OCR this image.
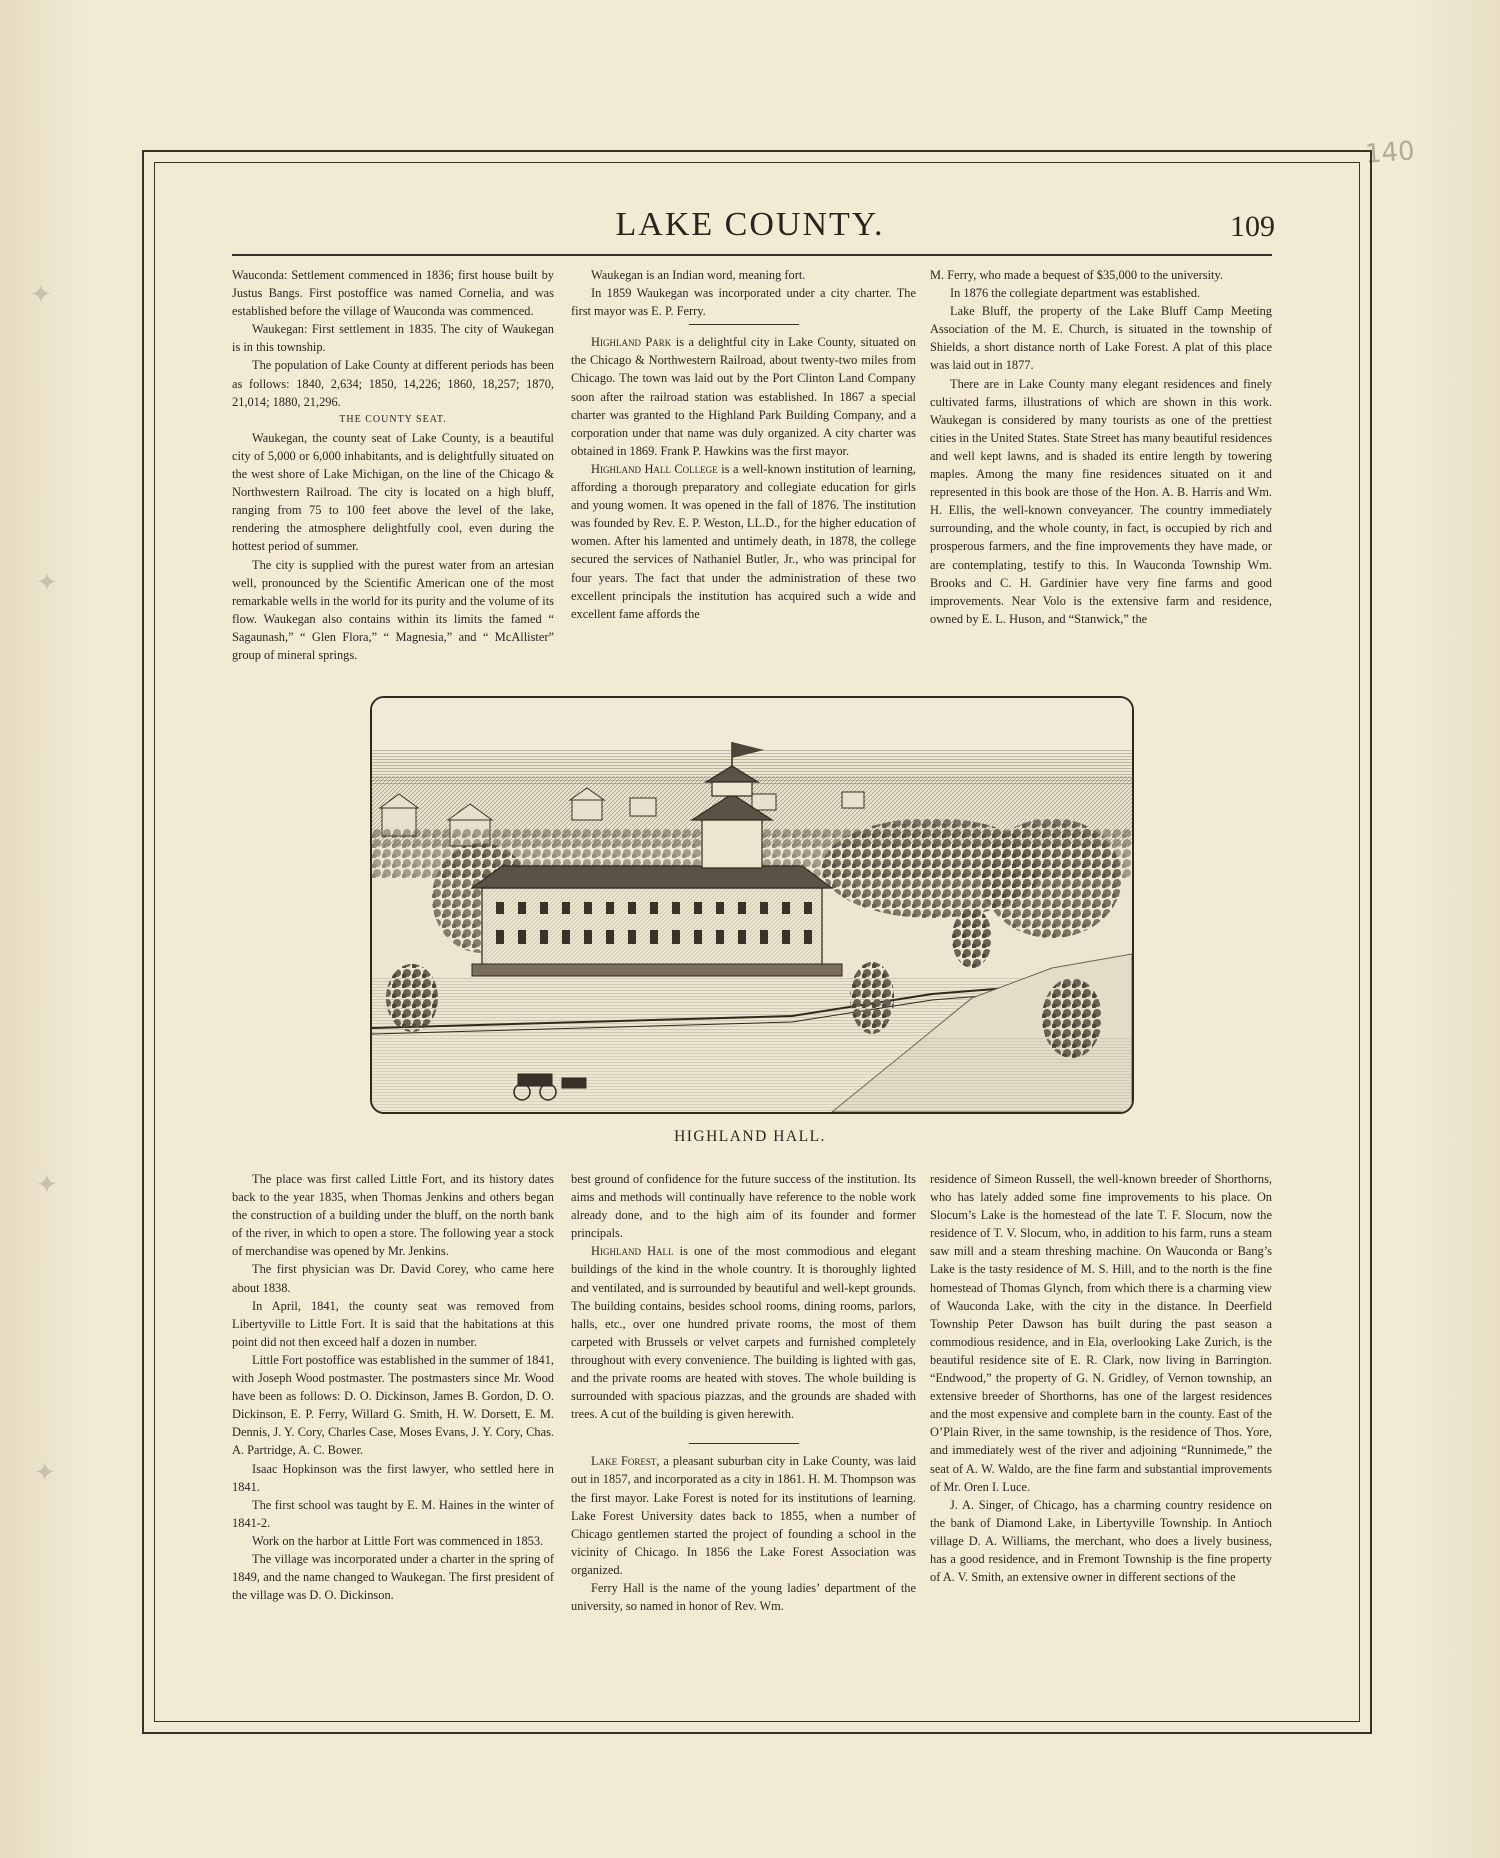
140
✦
✦
✦
✦
LAKE COUNTY.	109

Wauconda: Settlement commenced in 1836; first house built by Justus Bangs. First postoffice was named Cornelia, and was established before the village of Wauconda was commenced.

Waukegan: First settlement in 1835. The city of Waukegan is in this township.

The population of Lake County at different periods has been as follows: 1840, 2,634; 1850, 14,226; 1860, 18,257; 1870, 21,014; 1880, 21,296.

THE COUNTY SEAT.

Waukegan, the county seat of Lake County, is a beautiful city of 5,000 or 6,000 inhabitants, and is delightfully situated on the west shore of Lake Michigan, on the line of the Chicago & Northwestern Railroad. The city is located on a high bluff, ranging from 75 to 100 feet above the level of the lake, rendering the atmosphere delightfully cool, even during the hottest period of summer.

The city is supplied with the purest water from an artesian well, pronounced by the Scientific American one of the most remarkable wells in the world for its purity and the volume of its flow. Waukegan also contains within its limits the famed “ Sagaunash,” “ Glen Flora,” “ Magnesia,” and “ McAllister” group of mineral springs.

Waukegan is an Indian word, meaning fort.

In 1859 Waukegan was incorporated under a city charter. The first mayor was E. P. Ferry.

Highland Park is a delightful city in Lake County, situated on the Chicago & Northwestern Railroad, about twenty-two miles from Chicago. The town was laid out by the Port Clinton Land Company soon after the railroad station was established. In 1867 a special charter was granted to the Highland Park Building Company, and a corporation under that name was duly organized. A city charter was obtained in 1869. Frank P. Hawkins was the first mayor.

Highland Hall College is a well-known institution of learning, affording a thorough preparatory and collegiate education for girls and young women. It was opened in the fall of 1876. The institution was founded by Rev. E. P. Weston, LL.D., for the higher education of women. After his lamented and untimely death, in 1878, the college secured the services of Nathaniel Butler, Jr., who was principal for four years. The fact that under the administration of these two excellent principals the institution has acquired such a wide and excellent fame affords the

M. Ferry, who made a bequest of $35,000 to the university.

In 1876 the collegiate department was established.

Lake Bluff, the property of the Lake Bluff Camp Meeting Association of the M. E. Church, is situated in the township of Shields, a short distance north of Lake Forest. A plat of this place was laid out in 1877.

There are in Lake County many elegant residences and finely cultivated farms, illustrations of which are shown in this work. Waukegan is considered by many tourists as one of the prettiest cities in the United States. State Street has many beautiful residences and well kept lawns, and is shaded its entire length by towering maples. Among the many fine residences situated on it and represented in this book are those of the Hon. A. B. Harris and Wm. H. Ellis, the well-known conveyancer. The country immediately surrounding, and the whole county, in fact, is occupied by rich and prosperous farmers, and the fine improvements they have made, or are contemplating, testify to this. In Wauconda Township Wm. Brooks and C. H. Gardinier have very fine farms and good improvements. Near Volo is the extensive farm and residence, owned by E. L. Huson, and “Stanwick,” the

HIGHLAND HALL.

The place was first called Little Fort, and its history dates back to the year 1835, when Thomas Jenkins and others began the construction of a building under the bluff, on the north bank of the river, in which to open a store. The following year a stock of merchandise was opened by Mr. Jenkins.

The first physician was Dr. David Corey, who came here about 1838.

In April, 1841, the county seat was removed from Libertyville to Little Fort. It is said that the habitations at this point did not then exceed half a dozen in number.

Little Fort postoffice was established in the summer of 1841, with Joseph Wood postmaster. The postmasters since Mr. Wood have been as follows: D. O. Dickinson, James B. Gordon, D. O. Dickinson, E. P. Ferry, Willard G. Smith, H. W. Dorsett, E. M. Dennis, J. Y. Cory, Charles Case, Moses Evans, J. Y. Cory, Chas. A. Partridge, A. C. Bower.

Isaac Hopkinson was the first lawyer, who settled here in 1841.

The first school was taught by E. M. Haines in the winter of 1841-2.

Work on the harbor at Little Fort was commenced in 1853.

The village was incorporated under a charter in the spring of 1849, and the name changed to Waukegan. The first president of the village was D. O. Dickinson.

best ground of confidence for the future success of the institution. Its aims and methods will continually have reference to the noble work already done, and to the high aim of its founder and former principals.

Highland Hall is one of the most commodious and elegant buildings of the kind in the whole country. It is thoroughly lighted and ventilated, and is surrounded by beautiful and well-kept grounds. The building contains, besides school rooms, dining rooms, parlors, halls, etc., over one hundred private rooms, the most of them carpeted with Brussels or velvet carpets and furnished completely throughout with every convenience. The building is lighted with gas, and the private rooms are heated with stoves. The whole building is surrounded with spacious piazzas, and the grounds are shaded with trees. A cut of the building is given herewith.

Lake Forest, a pleasant suburban city in Lake County, was laid out in 1857, and incorporated as a city in 1861. H. M. Thompson was the first mayor. Lake Forest is noted for its institutions of learning. Lake Forest University dates back to 1855, when a number of Chicago gentlemen started the project of founding a school in the vicinity of Chicago. In 1856 the Lake Forest Association was organized.

Ferry Hall is the name of the young ladies’ department of the university, so named in honor of Rev. Wm.

residence of Simeon Russell, the well-known breeder of Shorthorns, who has lately added some fine improvements to his place. On Slocum’s Lake is the homestead of the late T. F. Slocum, now the residence of T. V. Slocum, who, in addition to his farm, runs a steam saw mill and a steam threshing machine. On Wauconda or Bang’s Lake is the tasty residence of M. S. Hill, and to the north is the fine homestead of Thomas Glynch, from which there is a charming view of Wauconda Lake, with the city in the distance. In Deerfield Township Peter Dawson has built during the past season a commodious residence, and in Ela, overlooking Lake Zurich, is the beautiful residence site of E. R. Clark, now living in Barrington. “Endwood,” the property of G. N. Gridley, of Vernon township, an extensive breeder of Shorthorns, has one of the largest residences and the most expensive and complete barn in the county. East of the O’Plain River, in the same township, is the residence of Thos. Yore, and immediately west of the river and adjoining “Runnimede,” the seat of A. W. Waldo, are the fine farm and substantial improvements of Mr. Oren I. Luce.

J. A. Singer, of Chicago, has a charming country residence on the bank of Diamond Lake, in Libertyville Township. In Antioch village D. A. Williams, the merchant, who does a lively business, has a good residence, and in Fremont Township is the fine property of A. V. Smith, an extensive owner in different sections of the
